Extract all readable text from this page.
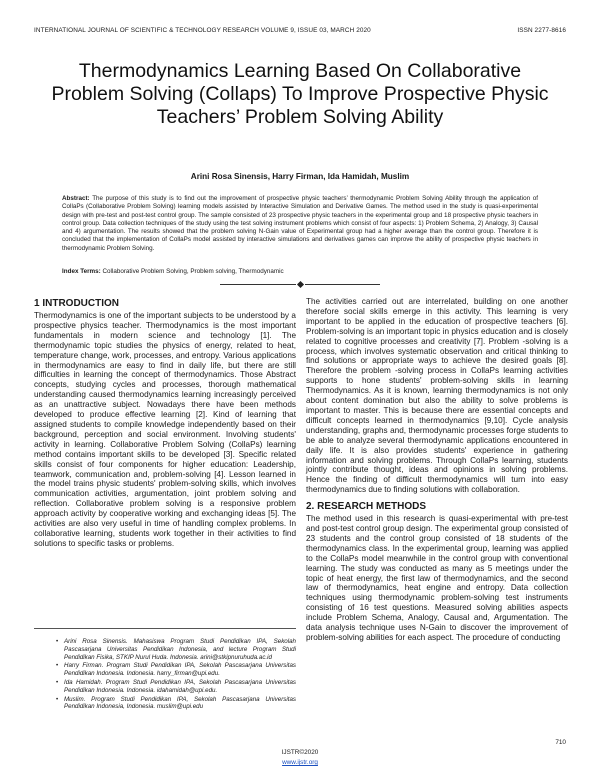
INTERNATIONAL JOURNAL OF SCIENTIFIC & TECHNOLOGY RESEARCH VOLUME 9, ISSUE 03, MARCH 2020	ISSN 2277-8616
Thermodynamics Learning Based On Collaborative Problem Solving (Collaps) To Improve Prospective Physic Teachers’ Problem Solving Ability
Arini Rosa Sinensis, Harry Firman, Ida Hamidah, Muslim
Abstract: The purpose of this study is to find out the improvement of prospective physic teachers’ thermodynamic Problem Solving Ability through the application of CollaPs (Collaborative Problem Solving) learning models assisted by Interactive Simulation and Derivative Games. The method used in the study is quasi-experimental design with pre-test and post-test control group. The sample consisted of 23 prospective physic teachers in the experimental group and 18 prospective physic teachers in control group. Data collection techniques of the study using the test solving instrument problems which consist of four aspects: 1) Problem Schema, 2) Analogy, 3) Causal and 4) argumentation. The results showed that the problem solving N-Gain value of Experimental group had a higher average than the control group. Therefore it is concluded that the implementation of CollaPs model assisted by interactive simulations and derivatives games can improve the ability of prospective physic teachers in thermodynamic Problem Solving.
Index Terms: Collaborative Problem Solving, Problem solving, Thermodynamic
1 INTRODUCTION

Thermodynamics is one of the important subjects to be understood by a prospective physics teacher. Thermodynamics is the most important fundamentals in modern science and technology [1]. The thermodynamic topic studies the physics of energy, related to heat, temperature change, work, processes, and entropy. Various applications in thermodynamics are easy to find in daily life, but there are still difficulties in learning the concept of thermodynamics. Those Abstract concepts, studying cycles and processes, thorough mathematical understanding caused thermodynamics learning increasingly perceived as an unattractive subject. Nowadays there have been methods developed to produce effective learning [2]. Kind of learning that assigned students to compile knowledge independently based on their background, perception and social environment. Involving students' activity in learning. Collaborative Problem Solving (CollaPs) learning method contains important skills to be developed [3]. Specific related skills consist of four components for higher education: Leadership, teamwork, communication and, problem-solving [4]. Lesson learned in the model trains physic students' problem-solving skills, which involves communication activities, argumentation, joint problem solving and reflection. Collaborative problem solving is a responsive problem approach activity by cooperative working and exchanging ideas [5]. The activities are also very useful in time of handling complex problems. In collaborative learning, students work together in their activities to find solutions to specific tasks or problems.

• Arini Rosa Sinensis. Mahasiswa Program Studi Pendidikan IPA, Sekolah Pascasarjana Universitas Pendidikan Indonesia, and lecture Program Studi Pendidikan Fisika, STKIP Nurul Huda. Indonesia. arini@stkipnuruhuda.ac.id
• Harry Firman. Program Studi Pendidikan IPA, Sekolah Pascasarjana Universitas Pendidikan Indonesia. Indonesia. harry_firman@upi.edu.
• Ida Hamidah. Program Studi Pendidikan IPA, Sekolah Pascasarjana Universitas Pendidikan Indonesia. Indonesia. idahamidah@upi.edu.
• Muslim. Program Studi Pendidikan IPA, Sekolah Pascasarjana Universitas Pendidikan Indonesia, Indonesia. muslim@upi.edu

The activities carried out are interrelated, building on one another therefore social skills emerge in this activity. This learning is very important to be applied in the education of prospective teachers [6]. Problem-solving is an important topic in physics education and is closely related to cognitive processes and creativity [7]. Problem -solving is a process, which involves systematic observation and critical thinking to find solutions or appropriate ways to achieve the desired goals [8]. Therefore the problem -solving process in CollaPs learning activities supports to hone students' problem-solving skills in learning Thermodynamics. As it is known, learning thermodynamics is not only about content domination but also the ability to solve problems is important to master. This is because there are essential concepts and difficult concepts learned in thermodynamics [9,10]. Cycle analysis understanding, graphs and, thermodynamic processes forge students to be able to analyze several thermodynamic applications encountered in daily life. It is also provides students' experience in gathering information and solving problems. Through CollaPs learning, students jointly contribute thought, ideas and opinions in solving problems. Hence the finding of difficult thermodynamics will turn into easy thermodynamics due to finding solutions with collaboration.

2. RESEARCH METHODS

The method used in this research is quasi-experimental with pre-test and post-test control group design. The experimental group consisted of 23 students and the control group consisted of 18 students of the thermodynamics class. In the experimental group, learning was applied to the CollaPs model meanwhile in the control group with conventional learning. The study was conducted as many as 5 meetings under the topic of heat energy, the first law of thermodynamics, and the second law of thermodynamics, heat engine and entropy. Data collection techniques using thermodynamic problem-solving test instruments consisting of 16 test questions. Measured solving abilities aspects include Problem Schema, Analogy, Causal and, Argumentation. The data analysis technique uses N-Gain to discover the improvement of problem-solving abilities for each aspect. The procedure of conducting

710
IJSTR©2020
www.ijstr.org
